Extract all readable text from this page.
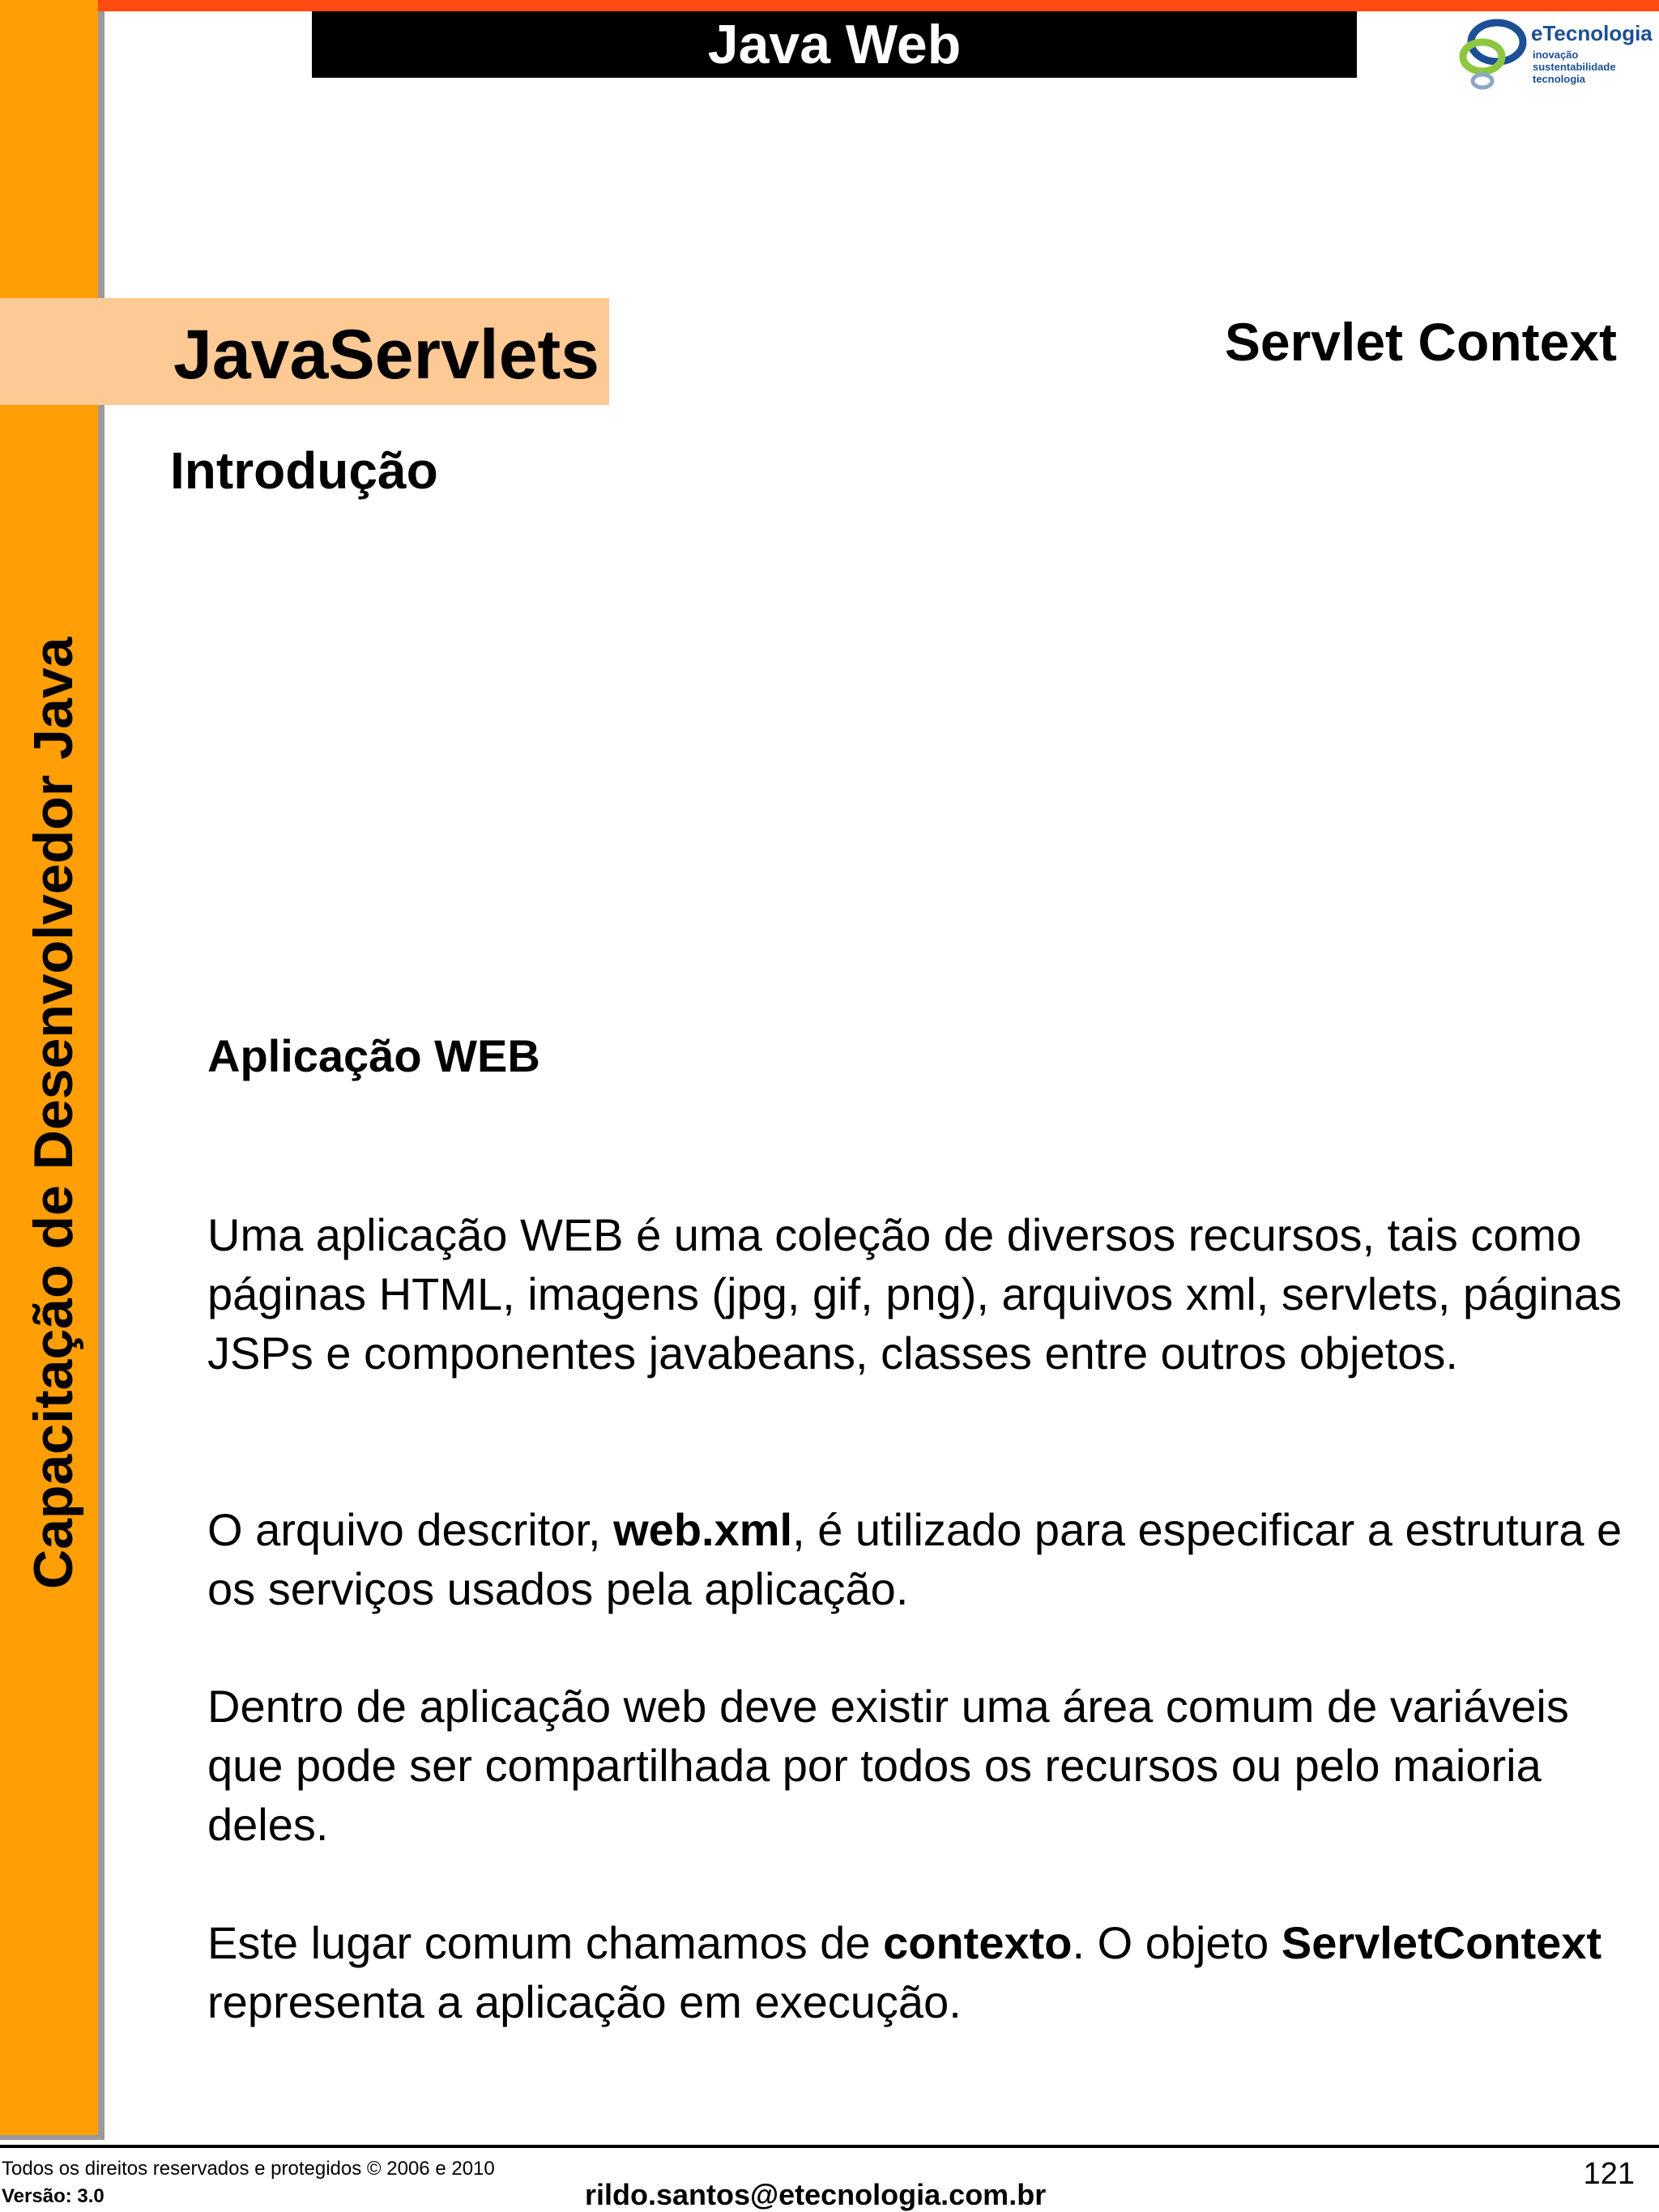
Capacitação de Desenvolvedor Java
Java Web	eTecnologia
inovação
sustentabilidade
tecnologia
JavaServlets	Servlet Context
Introdução
Aplicação WEB

Uma aplicação WEB é uma coleção de diversos recursos, tais como páginas HTML, imagens (jpg, gif, png), arquivos xml, servlets, páginas JSPs e componentes javabeans, classes entre outros objetos.

O arquivo descritor, web.xml, é utilizado para especificar a estrutura e os serviços usados pela aplicação.

Dentro de aplicação web deve existir uma área comum de variáveis que pode ser compartilhada por todos os recursos ou pelo maioria deles.

Este lugar comum chamamos de contexto. O objeto ServletContext representa a aplicação em execução.

Todos os direitos reservados e protegidos © 2006 e 2010
Versão: 3.0	rildo.santos@etecnologia.com.br
121
